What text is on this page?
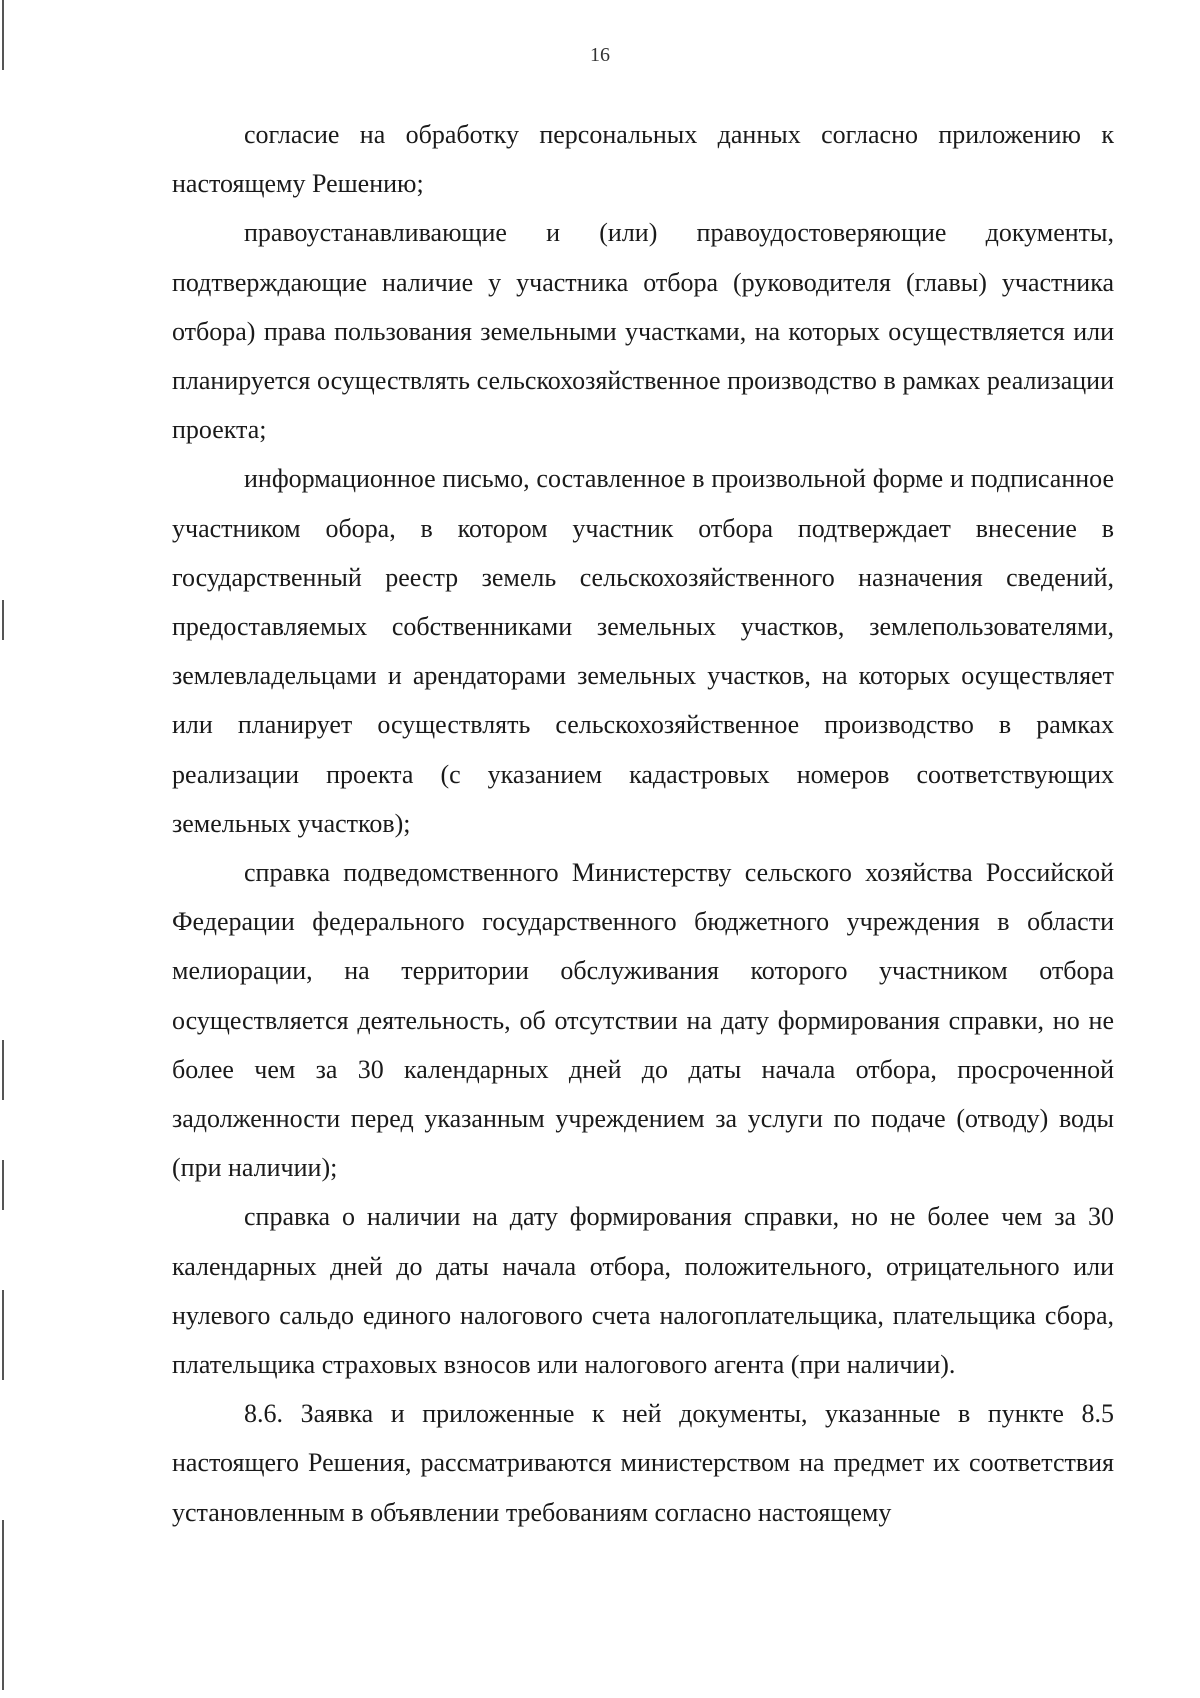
16

согласие на обработку персональных данных согласно приложению к настоящему Решению;

правоустанавливающие и (или) правоудостоверяющие документы, подтверждающие наличие у участника отбора (руководителя (главы) участника отбора) права пользования земельными участками, на которых осуществляется или планируется осуществлять сельскохозяйственное производство в рамках реализации проекта;

информационное письмо, составленное в произвольной форме и подписанное участником обора, в котором участник отбора подтверждает внесение в государственный реестр земель сельскохозяйственного назначения сведений, предоставляемых собственниками земельных участков, землепользователями, землевладельцами и арендаторами земельных участков, на которых осуществляет или планирует осуществлять сельскохозяйственное производство в рамках реализации проекта (с указанием кадастровых номеров соответствующих земельных участков);

справка подведомственного Министерству сельского хозяйства Российской Федерации федерального государственного бюджетного учреждения в области мелиорации, на территории обслуживания которого участником отбора осуществляется деятельность, об отсутствии на дату формирования справки, но не более чем за 30 календарных дней до даты начала отбора, просроченной задолженности перед указанным учреждением за услуги по подаче (отводу) воды (при наличии);

справка о наличии на дату формирования справки, но не более чем за 30 календарных дней до даты начала отбора, положительного, отрицательного или нулевого сальдо единого налогового счета налогоплательщика, плательщика сбора, плательщика страховых взносов или налогового агента (при наличии).

8.6. Заявка и приложенные к ней документы, указанные в пункте 8.5 настоящего Решения, рассматриваются министерством на предмет их соответствия установленным в объявлении требованиям согласно настоящему
